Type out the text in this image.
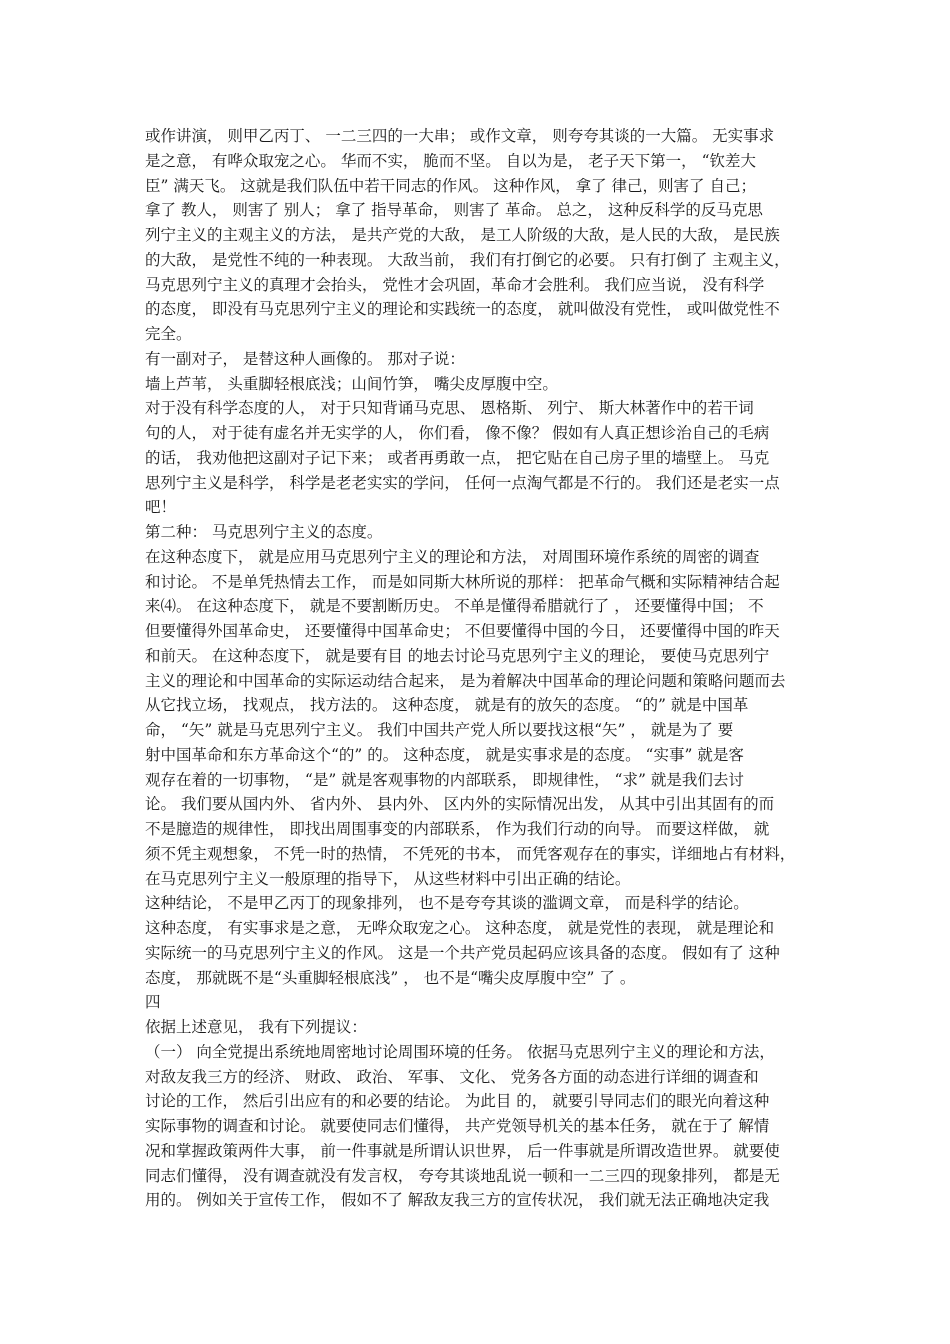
或作讲演， 则甲乙丙丁、 一二三四的一大串； 或作文章， 则夸夸其谈的一大篇。 无实事求
是之意， 有哗众取宠之心。 华而不实， 脆而不坚。 自以为是， 老子天下第一， “钦差大
臣” 满天飞。 这就是我们队伍中若干同志的作风。 这种作风， 拿了 律己，则害了 自己；
拿了 教人， 则害了 别人； 拿了 指导革命， 则害了 革命。 总之， 这种反科学的反马克思
列宁主义的主观主义的方法， 是共产党的大敌， 是工人阶级的大敌，是人民的大敌， 是民族
的大敌， 是党性不纯的一种表现。 大敌当前， 我们有打倒它的必要。 只有打倒了 主观主义，
马克思列宁主义的真理才会抬头， 党性才会巩固，革命才会胜利。 我们应当说， 没有科学
的态度， 即没有马克思列宁主义的理论和实践统一的态度， 就叫做没有党性， 或叫做党性不
完全。
有一副对子， 是替这种人画像的。 那对子说：
墙上芦苇， 头重脚轻根底浅；山间竹笋， 嘴尖皮厚腹中空。
对于没有科学态度的人， 对于只知背诵马克思、 恩格斯、 列宁、 斯大林著作中的若干词
句的人， 对于徒有虚名并无实学的人， 你们看， 像不像？ 假如有人真正想诊治自己的毛病
的话， 我劝他把这副对子记下来； 或者再勇敢一点， 把它贴在自己房子里的墙壁上。 马克
思列宁主义是科学， 科学是老老实实的学问， 任何一点淘气都是不行的。 我们还是老实一点
吧！
第二种： 马克思列宁主义的态度。
在这种态度下， 就是应用马克思列宁主义的理论和方法， 对周围环境作系统的周密的调查
和讨论。 不是单凭热情去工作， 而是如同斯大林所说的那样： 把革命气概和实际精神结合起
来⑷。 在这种态度下， 就是不要割断历史。 不单是懂得希腊就行了 ， 还要懂得中国； 不
但要懂得外国革命史， 还要懂得中国革命史； 不但要懂得中国的今日， 还要懂得中国的昨天
和前天。 在这种态度下， 就是要有目 的地去讨论马克思列宁主义的理论， 要使马克思列宁
主义的理论和中国革命的实际运动结合起来， 是为着解决中国革命的理论问题和策略问题而去
从它找立场， 找观点， 找方法的。 这种态度， 就是有的放矢的态度。 “的” 就是中国革
命， “矢” 就是马克思列宁主义。 我们中国共产党人所以要找这根“矢” ， 就是为了 要
射中国革命和东方革命这个“的” 的。 这种态度， 就是实事求是的态度。 “实事” 就是客
观存在着的一切事物， “是” 就是客观事物的内部联系， 即规律性， “求” 就是我们去讨
论。 我们要从国内外、 省内外、 县内外、 区内外的实际情况出发， 从其中引出其固有的而
不是臆造的规律性， 即找出周围事变的内部联系， 作为我们行动的向导。 而要这样做， 就
须不凭主观想象， 不凭一时的热情， 不凭死的书本， 而凭客观存在的事实，详细地占有材料，
在马克思列宁主义一般原理的指导下， 从这些材料中引出正确的结论。
这种结论， 不是甲乙丙丁的现象排列， 也不是夸夸其谈的滥调文章， 而是科学的结论。
这种态度， 有实事求是之意， 无哗众取宠之心。 这种态度， 就是党性的表现， 就是理论和
实际统一的马克思列宁主义的作风。 这是一个共产党员起码应该具备的态度。 假如有了 这种
态度， 那就既不是“头重脚轻根底浅” ， 也不是“嘴尖皮厚腹中空” 了 。
四
依据上述意见， 我有下列提议：
（一） 向全党提出系统地周密地讨论周围环境的任务。 依据马克思列宁主义的理论和方法，
对敌友我三方的经济、 财政、 政治、 军事、 文化、 党务各方面的动态进行详细的调查和
讨论的工作， 然后引出应有的和必要的结论。 为此目 的， 就要引导同志们的眼光向着这种
实际事物的调查和讨论。 就要使同志们懂得， 共产党领导机关的基本任务， 就在于了 解情
况和掌握政策两件大事， 前一件事就是所谓认识世界， 后一件事就是所谓改造世界。 就要使
同志们懂得， 没有调查就没有发言权， 夸夸其谈地乱说一顿和一二三四的现象排列， 都是无
用的。 例如关于宣传工作， 假如不了 解敌友我三方的宣传状况， 我们就无法正确地决定我
